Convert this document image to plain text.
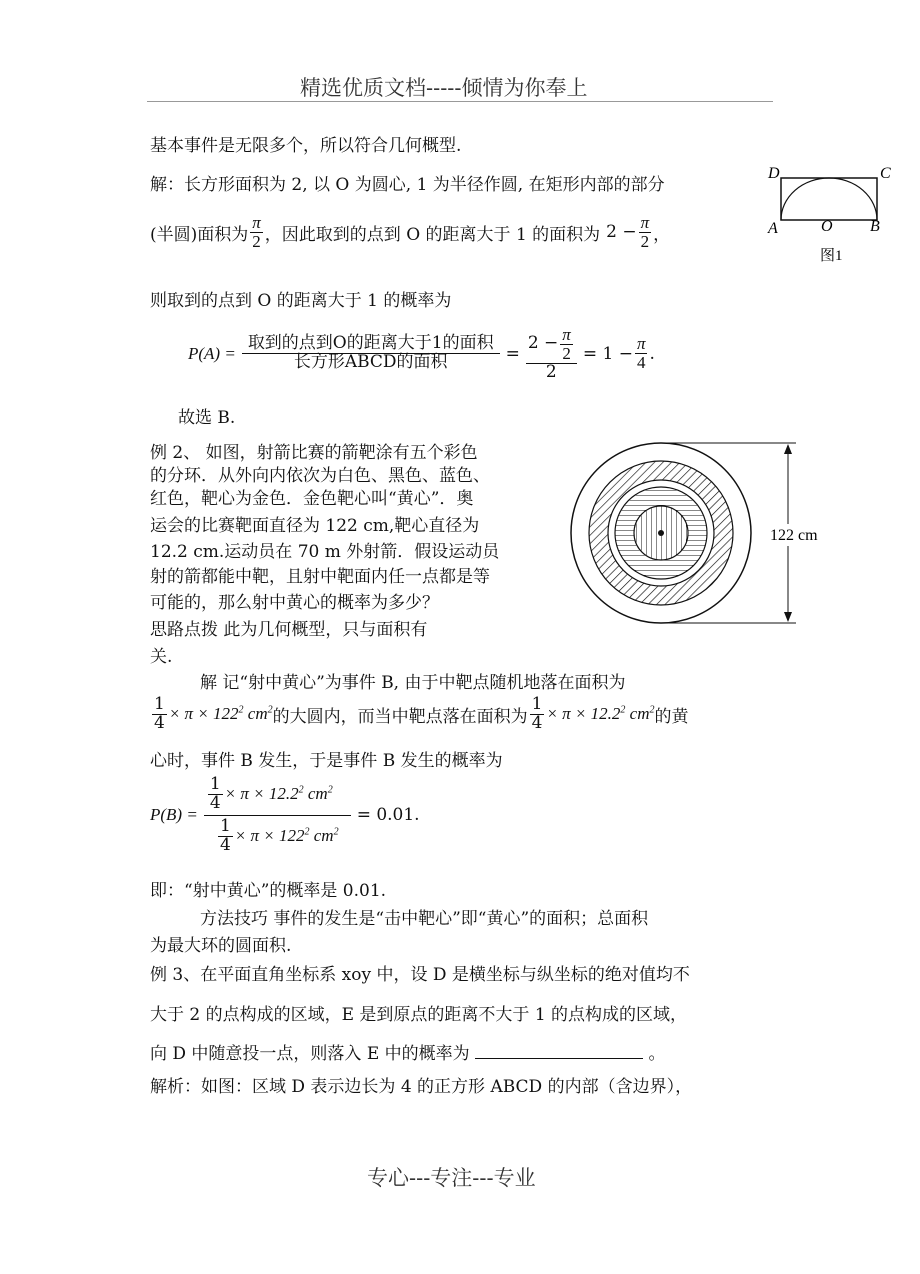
精选优质文档-----倾情为你奉上
基本事件是无限多个，所以符合几何概型.
解：长方形面积为 2, 以 O 为圆心, 1 为半径作圆, 在矩形内部的部分
(半圆)面积为 $\frac{\pi}{2}$ ，因此取到的点到 O 的距离大于 1 的面积为 $2 - \frac{\pi}{2}$ ，
则取到的点到 O 的距离大于 1 的概率为
$P(A) = \frac{\text{取到的点到O的距离大于1的面积}}{\text{长方形ABCD的面积}} = \frac{2 - \frac{\pi}{2}}{2} = 1 - \frac{\pi}{4}$ .
故选 B.
D	C
A	O B
图1
例 2、 如图，射箭比赛的箭靶涂有五个彩色
的分环．从外向内依次为白色、黑色、蓝色、
红色，靶心为金色．金色靶心叫“黄心”．奥
运会的比赛靶面直径为 122 cm,靶心直径为
12.2 cm.运动员在 70 m 外射箭．假设运动员
射的箭都能中靶，且射中靶面内任一点都是等
可能的，那么射中黄心的概率为多少？
思路点拨 此为几何概型，只与面积有
关.
122 cm
解 记“射中黄心”为事件 B, 由于中靶点随机地落在面积为
$\frac{1}{4} \times \pi \times 122^2$ $cm^2$ 的大圆内，而当中靶点落在面积为 $\frac{1}{4} \times \pi \times 12.2^2$ $cm^2$ 的黄
心时，事件 B 发生，于是事件 B 发生的概率为
$P(B) = \frac{\frac{1}{4} \times \pi \times 12.2^2 cm^2}{\frac{1}{4} \times \pi \times 122^2 cm^2} = 0.01$.
即：“射中黄心”的概率是 0.01.
方法技巧 事件的发生是“击中靶心”即“黄心”的面积；总面积
为最大环的圆面积.
例 3、在平面直角坐标系 xoy 中，设 D 是横坐标与纵坐标的绝对值均不
大于 2 的点构成的区域，E 是到原点的距离不大于 1 的点构成的区域，
向 D 中随意投一点，则落入 E 中的概率为	。
解析：如图：区域 D 表示边长为 4 的正方形 ABCD 的内部（含边界），
专心---专注---专业
